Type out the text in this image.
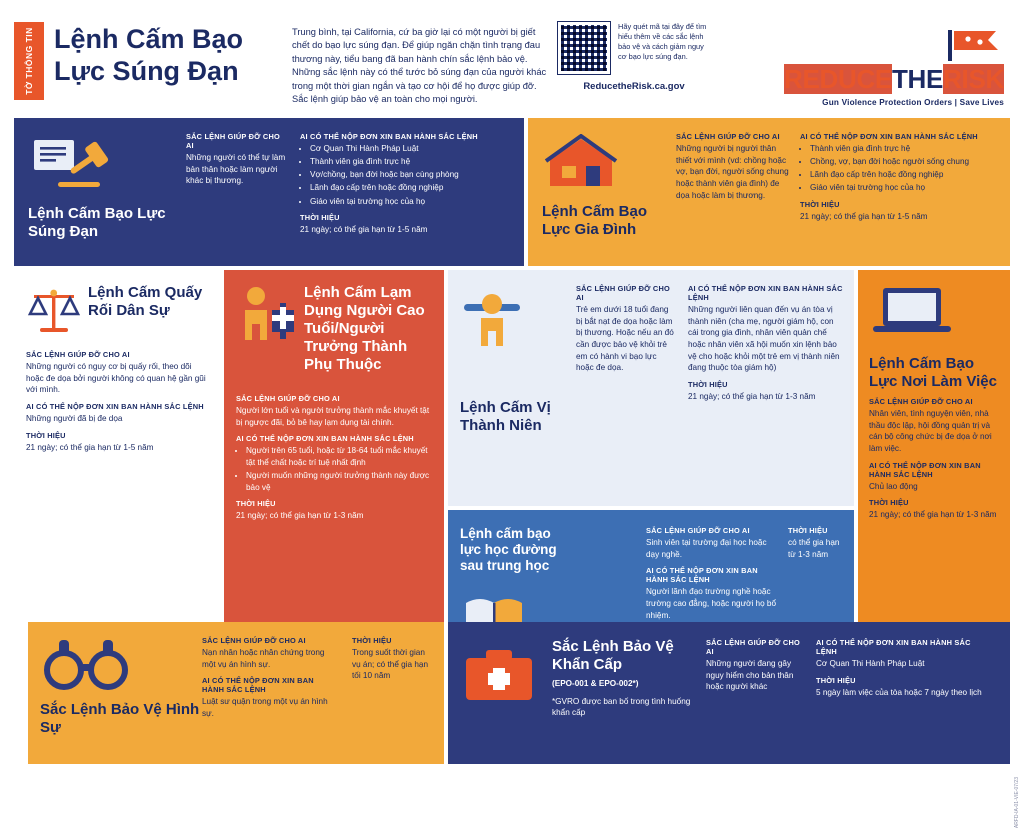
TỜ THÔNG TIN Lệnh Cấm Bạo Lực Súng Đạn
Trung bình, tại California, cứ ba giờ lại có một người bị giết chết do bạo lực súng đạn. Để giúp ngăn chặn tình trạng đau thương này, tiểu bang đã ban hành chín sắc lệnh bảo vệ. Những sắc lệnh này có thể tước bỏ súng đạn của người khác trong một thời gian ngắn và tạo cơ hội để họ được giúp đỡ. Sắc lệnh giúp bảo vệ an toàn cho mọi người.
Hãy quét mã tại đây để tìm hiểu thêm về các sắc lệnh bảo vệ và cách giảm nguy cơ bạo lực súng đạn.
ReducetheRisk.ca.gov	REDUCETHERISK
Gun Violence Protection Orders | Save Lives
Lệnh Cấm Bạo Lực Súng Đạn
SẮC LỆNH GIÚP ĐỠ CHO AI

Những người có thể tự làm bản thân hoặc làm người khác bị thương.

AI CÓ THỂ NỘP ĐƠN XIN BAN HÀNH SẮC LỆNH
• Cơ Quan Thi Hành Pháp Luật
• Thành viên gia đình trực hệ
• Vợ/chồng, bạn đời hoặc bạn cùng phòng
• Lãnh đạo cấp trên hoặc đồng nghiệp
• Giáo viên tại trường học của họ
THỜI HIỆU

21 ngày; có thể gia hạn từ 1-5 năm

Lệnh Cấm Bạo Lực Gia Đình
SẮC LỆNH GIÚP ĐỠ CHO AI

Những người bị người thân thiết với mình (vd: chồng hoặc vợ, bạn đời, người sống chung hoặc thành viên gia đình) đe dọa hoặc làm bị thương.

AI CÓ THỂ NỘP ĐƠN XIN BAN HÀNH SẮC LỆNH
• Thành viên gia đình trực hệ
• Chồng, vợ, bạn đời hoặc người sống chung
• Lãnh đạo cấp trên hoặc đồng nghiệp
• Giáo viên tại trường học của họ
THỜI HIỆU

21 ngày; có thể gia hạn từ 1-5 năm

Lệnh Cấm Quấy Rối Dân Sự
SẮC LỆNH GIÚP ĐỠ CHO AI

Những người có nguy cơ bị quấy rối, theo dõi hoặc đe dọa bởi người không có quan hệ gần gũi với mình.

AI CÓ THỂ NỘP ĐƠN XIN BAN HÀNH SẮC LỆNH

Những người đã bị đe dọa

THỜI HIỆU

21 ngày; có thể gia hạn từ 1-5 năm

Lệnh Cấm Lạm Dụng Người Cao Tuổi/Người Trưởng Thành Phụ Thuộc
SẮC LỆNH GIÚP ĐỠ CHO AI

Người lớn tuổi và người trưởng thành mắc khuyết tật bị ngược đãi, bỏ bê hay lạm dụng tài chính.

AI CÓ THỂ NỘP ĐƠN XIN BAN HÀNH SẮC LỆNH
• Người trên 65 tuổi, hoặc từ 18-64 tuổi mắc khuyết tật thể chất hoặc trí tuệ nhất định
• Người muốn những người trưởng thành này được bảo vệ
THỜI HIỆU

21 ngày; có thể gia hạn từ 1-3 năm

Lệnh Cấm Vị Thành Niên
SẮC LỆNH GIÚP ĐỠ CHO AI

Trẻ em dưới 18 tuổi đang bị bắt nạt đe dọa hoặc làm bị thương. Hoặc nếu an đó cần được bảo vệ khỏi trẻ em có hành vi bạo lực hoặc đe dọa.

AI CÓ THỂ NỘP ĐƠN XIN BAN HÀNH SẮC LỆNH

Những người liên quan đến vụ án tòa vị thành niên (cha mẹ, người giám hộ, con cái trong gia đình, nhân viên quản chế hoặc nhân viên xã hội muốn xin lệnh bảo vệ cho hoặc khỏi một trẻ em vị thành niên đang thuộc tòa giám hộ)

THỜI HIỆU

21 ngày; có thể gia hạn từ 1-3 năm

Lệnh Cấm Bạo Lực Nơi Làm Việc
SẮC LỆNH GIÚP ĐỠ CHO AI

Nhân viên, tình nguyện viên, nhà thầu độc lập, hội đồng quản trị và cán bộ công chức bị đe dọa ở nơi làm việc.

AI CÓ THỂ NỘP ĐƠN XIN BAN HÀNH SẮC LỆNH

Chủ lao động

THỜI HIỆU

21 ngày; có thể gia hạn từ 1-3 năm

Lệnh cấm bạo lực học đường sau trung học
SẮC LỆNH GIÚP ĐỠ CHO AI

Sinh viên tại trường đại học hoặc dạy nghề.

AI CÓ THỂ NỘP ĐƠN XIN BAN HÀNH SẮC LỆNH

Người lãnh đạo trường nghề hoặc trường cao đẳng, hoặc người họ bổ nhiệm.

THỜI HIỆU

có thể gia hạn từ 1-3 năm

Sắc Lệnh Bảo Vệ Hình Sự
SẮC LỆNH GIÚP ĐỠ CHO AI

Nạn nhân hoặc nhân chứng trong một vụ án hình sự.

AI CÓ THỂ NỘP ĐƠN XIN BAN HÀNH SẮC LỆNH

Luật sư quận trong một vụ án hình sự.

THỜI HIỆU

Trong suốt thời gian vụ án; có thể gia hạn tối 10 năm

Sắc Lệnh Bảo Vệ Khẩn Cấp

(EPO-001 & EPO-002*)

*GVRO được ban bố trong tình huống khẩn cấp

SẮC LỆNH GIÚP ĐỠ CHO AI

Những người đang gây nguy hiểm cho bản thân hoặc người khác

AI CÓ THỂ NỘP ĐƠN XIN BAN HÀNH SẮC LỆNH

Cơ Quan Thi Hành Pháp Luật

THỜI HIỆU

5 ngày làm việc của tòa hoặc 7 ngày theo lịch

ARFD-IA-01-VIE-07/23
